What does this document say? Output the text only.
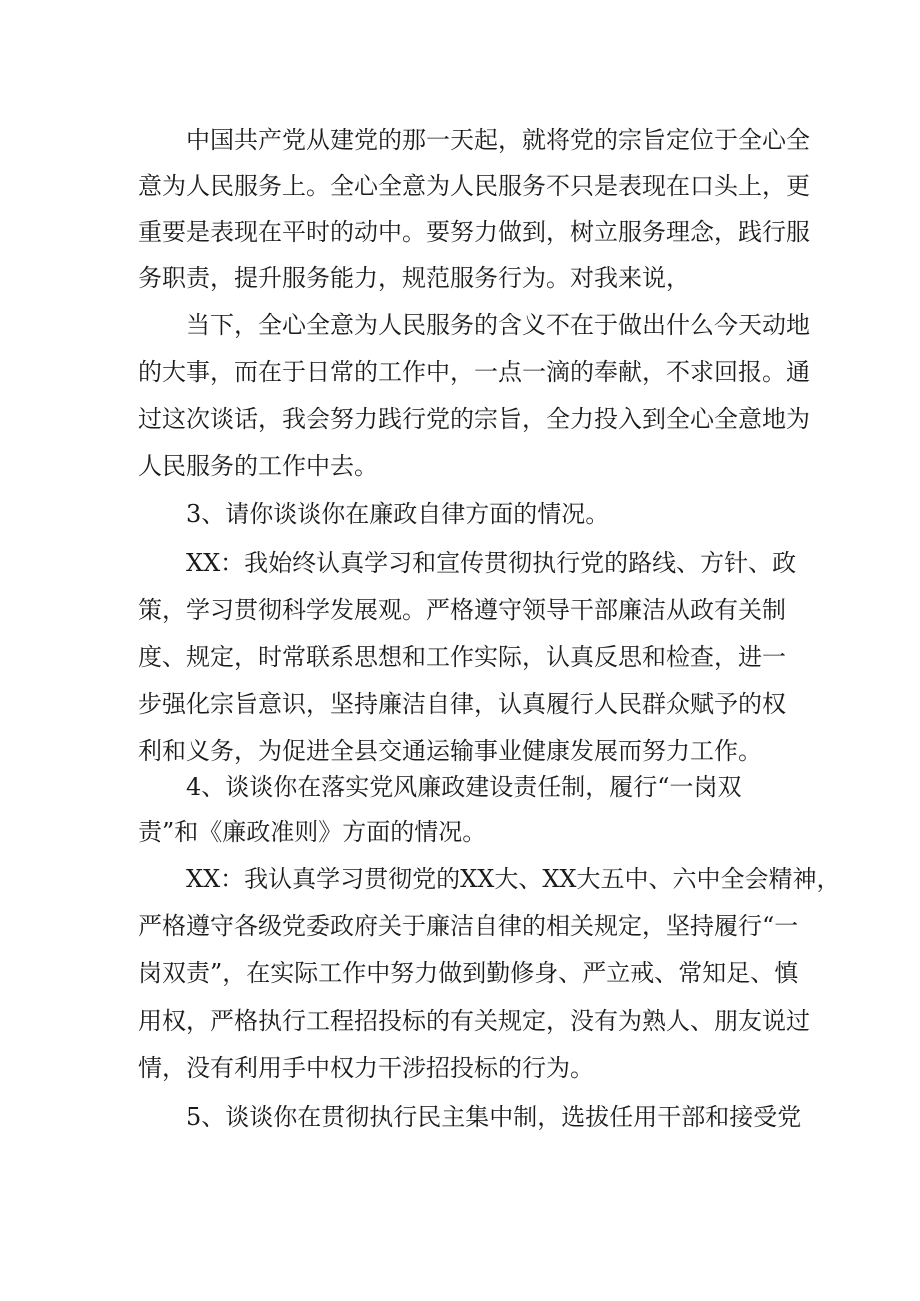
中国共产党从建党的那一天起，就将党的宗旨定位于全心全
意为人民服务上。全心全意为人民服务不只是表现在口头上，更
重要是表现在平时的动中。要努力做到，树立服务理念，践行服
务职责，提升服务能力，规范服务行为。对我来说，
当下，全心全意为人民服务的含义不在于做出什么今天动地
的大事，而在于日常的工作中，一点一滴的奉献，不求回报。通
过这次谈话，我会努力践行党的宗旨，全力投入到全心全意地为
人民服务的工作中去。
3、请你谈谈你在廉政自律方面的情况。
XX：我始终认真学习和宣传贯彻执行党的路线、方针、政
策，学习贯彻科学发展观。严格遵守领导干部廉洁从政有关制
度、规定，时常联系思想和工作实际，认真反思和检查，进一
步强化宗旨意识，坚持廉洁自律，认真履行人民群众赋予的权
利和义务，为促进全县交通运输事业健康发展而努力工作。
4、谈谈你在落实党风廉政建设责任制，履行“一岗双
责”和《廉政准则》方面的情况。
XX：我认真学习贯彻党的XX大、XX大五中、六中全会精神，
严格遵守各级党委政府关于廉洁自律的相关规定，坚持履行“一
岗双责”，在实际工作中努力做到勤修身、严立戒、常知足、慎
用权，严格执行工程招投标的有关规定，没有为熟人、朋友说过
情，没有利用手中权力干涉招投标的行为。
5、谈谈你在贯彻执行民主集中制，选拔任用干部和接受党
